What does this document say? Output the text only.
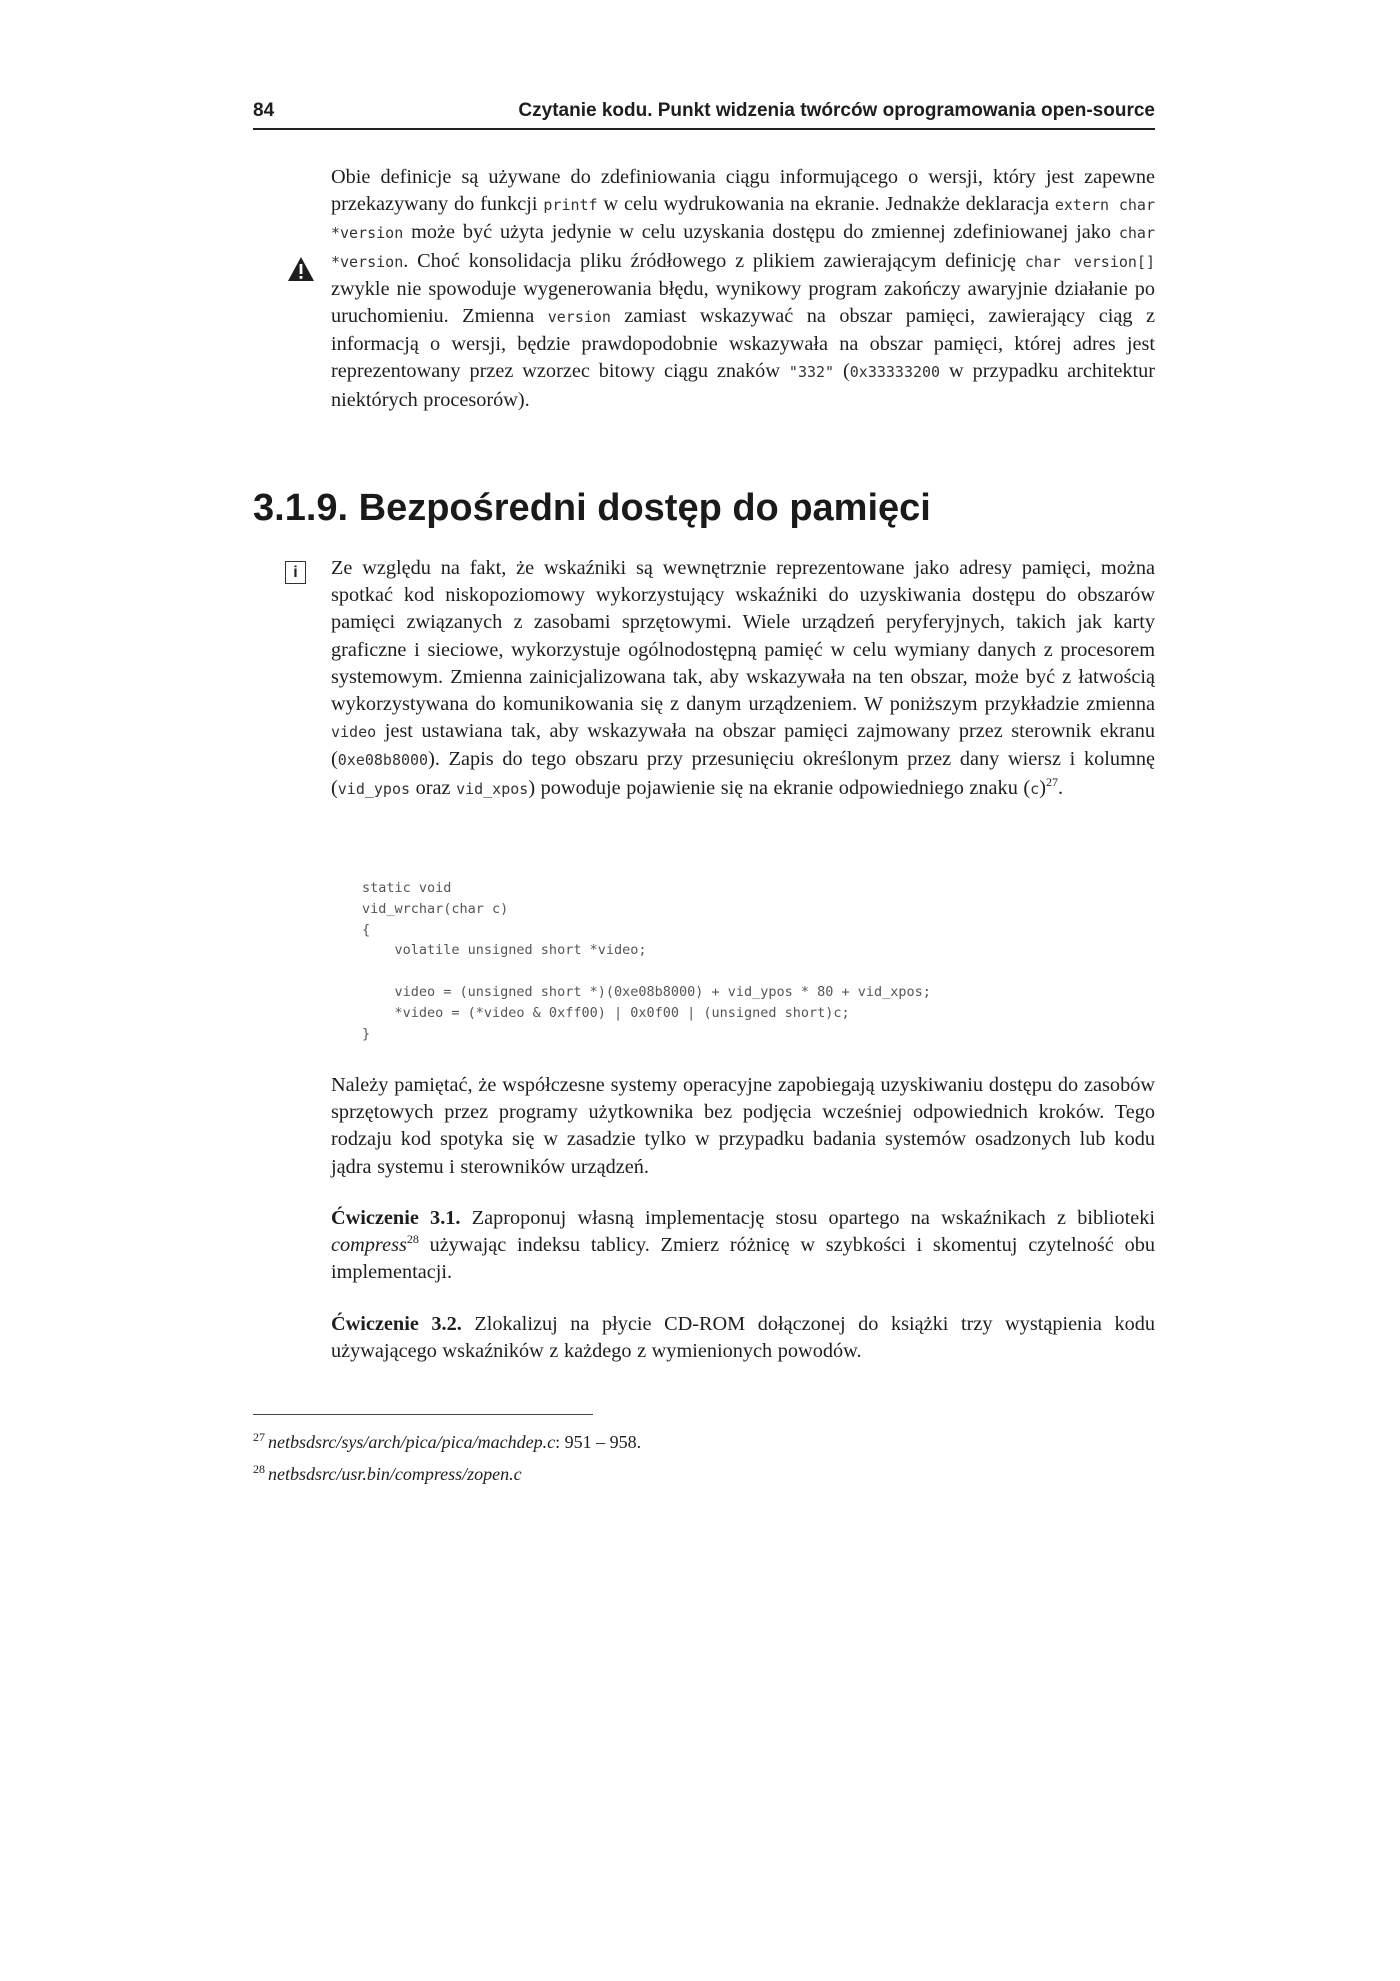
84	Czytanie kodu. Punkt widzenia twórców oprogramowania open-source

Obie definicje są używane do zdefiniowania ciągu informującego o wersji, który jest zapewne przekazywany do funkcji printf w celu wydrukowania na ekranie. Jednakże deklaracja extern char *version może być użyta jedynie w celu uzyskania dostępu do zmiennej zdefiniowanej jako char *version. Choć konsolidacja pliku źródłowego z plikiem zawierającym definicję char version[] zwykle nie spowoduje wygenerowania błędu, wynikowy program zakończy awaryjnie działanie po uruchomieniu. Zmienna version zamiast wskazywać na obszar pamięci, zawierający ciąg z informacją o wersji, będzie prawdopodobnie wskazywała na obszar pamięci, której adres jest reprezentowany przez wzorzec bitowy ciągu znaków "332" (0x33333200 w przypadku architektur niektórych procesorów).

3.1.9. Bezpośredni dostęp do pamięci
i	Ze względu na fakt, że wskaźniki są wewnętrznie reprezentowane jako adresy pamięci, można spotkać kod niskopoziomowy wykorzystujący wskaźniki do uzyskiwania dostępu do obszarów pamięci związanych z zasobami sprzętowymi. Wiele urządzeń peryferyjnych, takich jak karty graficzne i sieciowe, wykorzystuje ogólnodostępną pamięć w celu wymiany danych z procesorem systemowym. Zmienna zainicjalizowana tak, aby wskazywała na ten obszar, może być z łatwością wykorzystywana do komunikowania się z danym urządzeniem. W poniższym przykładzie zmienna video jest ustawiana tak, aby wskazywała na obszar pamięci zajmowany przez sterownik ekranu (0xe08b8000). Zapis do tego obszaru przy przesunięciu określonym przez dany wiersz i kolumnę (vid_ypos oraz vid_xpos) powoduje pojawienie się na ekranie odpowiedniego znaku $(c)^{27}$.

static void
vid_wrchar(char c)
{
volatile unsigned short *video;

video = (unsigned short *)(0xe08b8000) + vid_ypos * 80 + vid_xpos;
*video = (*video & 0xff00) | 0x0f00 | (unsigned short)c;
}

Należy pamiętać, że współczesne systemy operacyjne zapobiegają uzyskiwaniu dostępu do zasobów sprzętowych przez programy użytkownika bez podjęcia wcześniej odpowiednich kroków. Tego rodzaju kod spotyka się w zasadzie tylko w przypadku badania systemów osadzonych lub kodu jądra systemu i sterowników urządzeń.

Ćwiczenie 3.1. Zaproponuj własną implementację stosu opartego na wskaźnikach z biblioteki compress$^{28}$ używając indeksu tablicy. Zmierz różnicę w szybkości i skomentuj czytelność obu implementacji.

Ćwiczenie 3.2. Zlokalizuj na płycie CD-ROM dołączonej do książki trzy wystąpienia kodu używającego wskaźników z każdego z wymienionych powodów.

$^{27}$ netbsdsrc/sys/arch/pica/pica/machdep.c: 951 – 958.

$^{28}$ netbsdsrc/usr.bin/compress/zopen.c
